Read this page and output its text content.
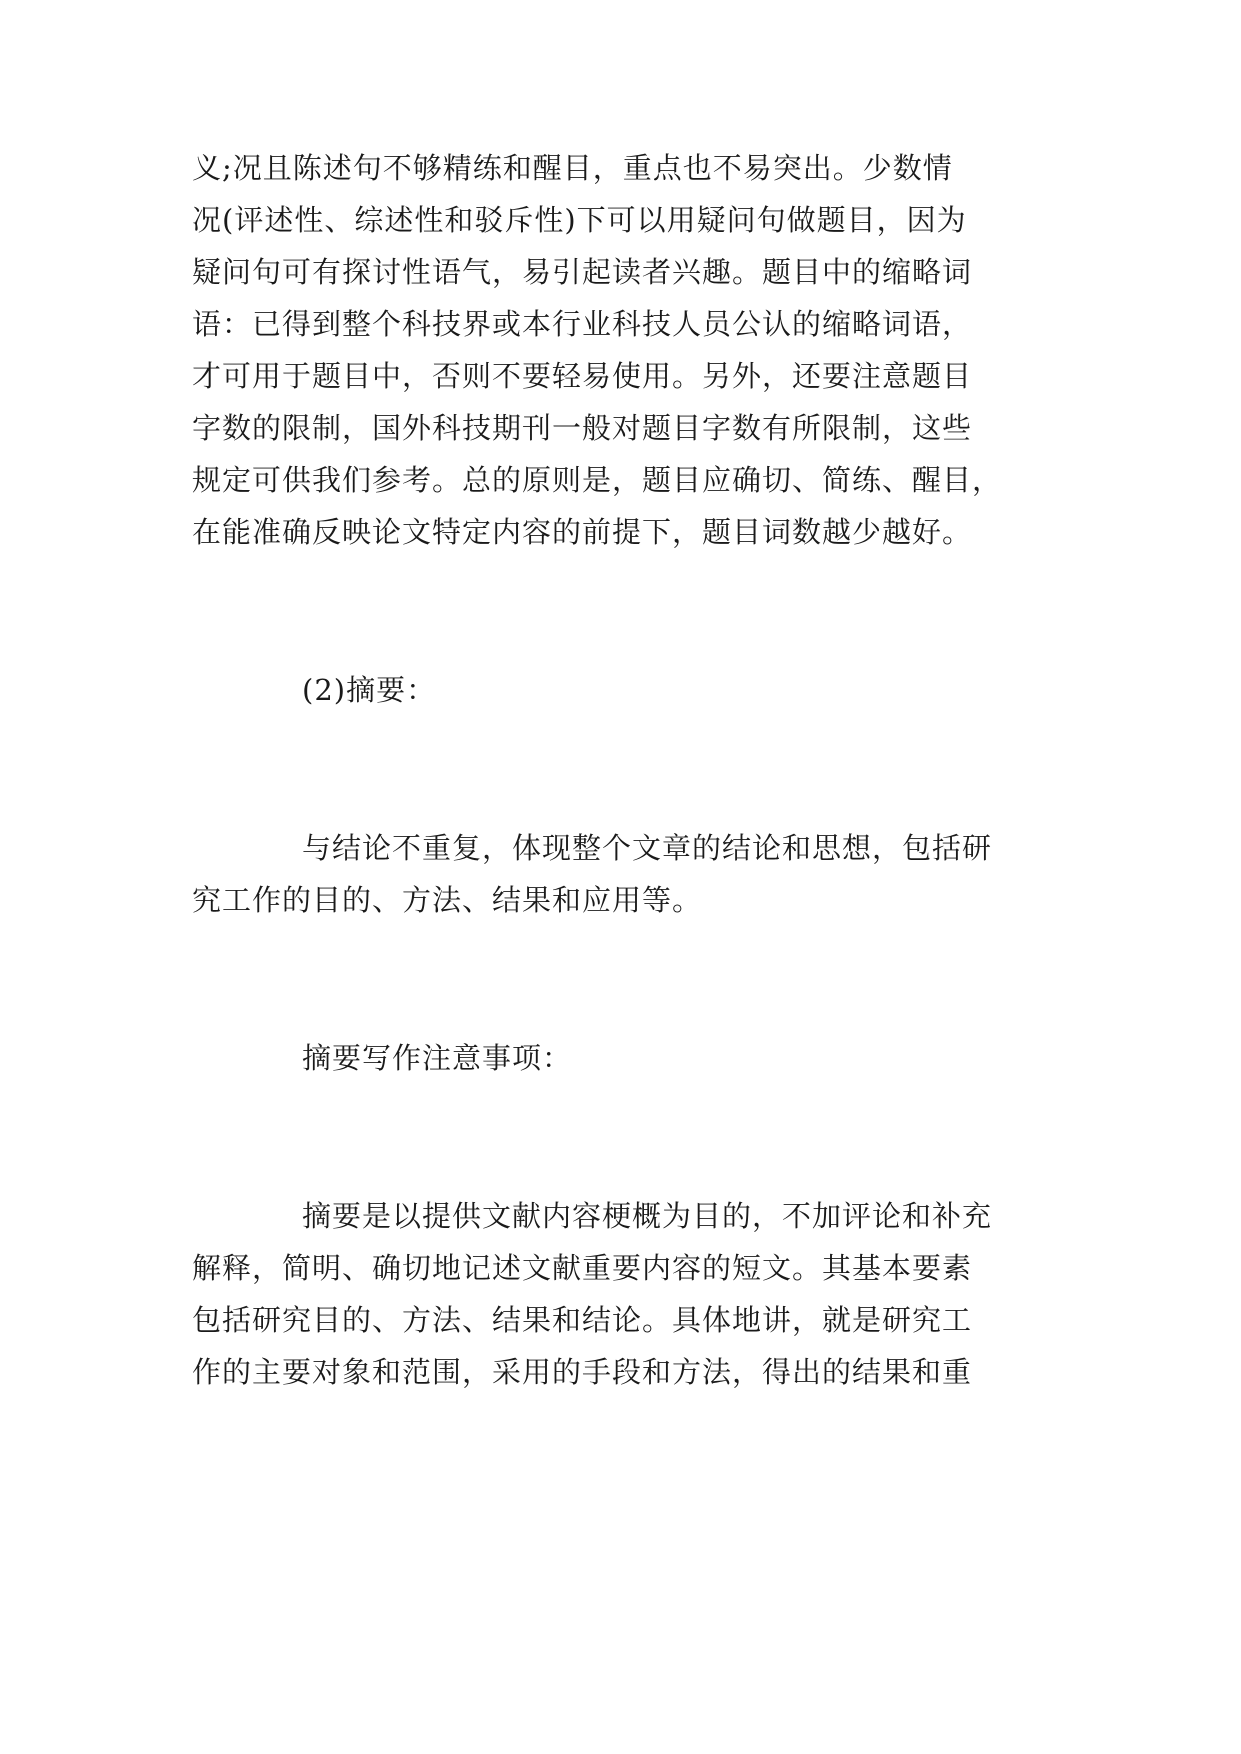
义;况且陈述句不够精练和醒目，重点也不易突出。少数情
况(评述性、综述性和驳斥性)下可以用疑问句做题目，因为
疑问句可有探讨性语气，易引起读者兴趣。题目中的缩略词
语：已得到整个科技界或本行业科技人员公认的缩略词语，
才可用于题目中，否则不要轻易使用。另外，还要注意题目
字数的限制，国外科技期刊一般对题目字数有所限制，这些
规定可供我们参考。总的原则是，题目应确切、简练、醒目，
在能准确反映论文特定内容的前提下，题目词数越少越好。
(2)摘要：
与结论不重复，体现整个文章的结论和思想，包括研
究工作的目的、方法、结果和应用等。
摘要写作注意事项：
摘要是以提供文献内容梗概为目的，不加评论和补充
解释，简明、确切地记述文献重要内容的短文。其基本要素
包括研究目的、方法、结果和结论。具体地讲，就是研究工
作的主要对象和范围，采用的手段和方法，得出的结果和重
